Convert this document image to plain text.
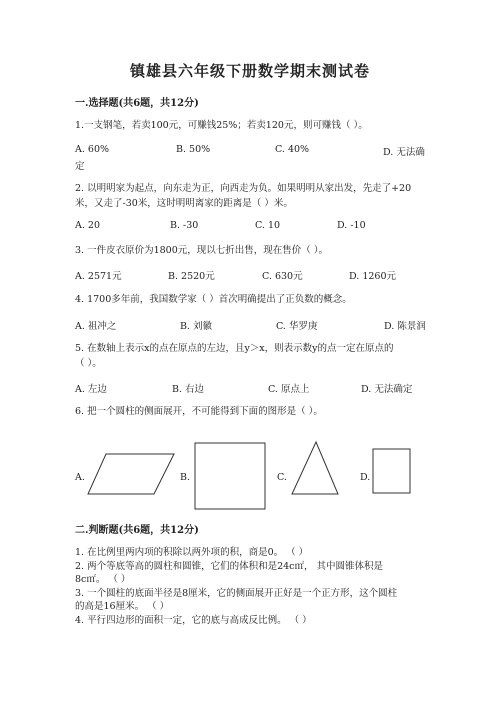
镇雄县六年级下册数学期末测试卷
一.选择题(共6题，共12分)
1.一支钢笔，若卖100元，可赚钱25%；若卖120元，则可赚钱（ ）。
A. 60%	B. 50%	C. 40%	D. 无法确
定
2. 以明明家为起点，向东走为正，向西走为负。如果明明从家出发，先走了+20
米，又走了-30米，这时明明离家的距离是（ ）米。
A. 20	B. -30	C. 10	D. -10
3. 一件皮衣原价为1800元，现以七折出售，现在售价（ ）。
A. 2571元	B. 2520元	C. 630元	D. 1260元
4. 1700多年前，我国数学家（ ）首次明确提出了正负数的概念。
A. 祖冲之	B. 刘徽	C. 华罗庚	D. 陈景润
5. 在数轴上表示x的点在原点的左边，且y＞x，则表示数y的点一定在原点的
（ ）。
A. 左边	B. 右边	C. 原点上	D. 无法确定
6. 把一个圆柱的侧面展开，不可能得到下面的图形是（ ）。
A.	B.	C.	D.
二.判断题(共6题，共12分)
1. 在比例里两内项的积除以两外项的积，商是0。 （ ）
2. 两个等底等高的圆柱和圆锥，它们的体积和是24c㎡， 其中圆锥体积是
8c㎡。 （ ）
3. 一个圆柱的底面半径是8厘米，它的侧面展开正好是一个正方形，这个圆柱
的高是16厘米。 （ ）
4. 平行四边形的面积一定，它的底与高成反比例。 （ ）
